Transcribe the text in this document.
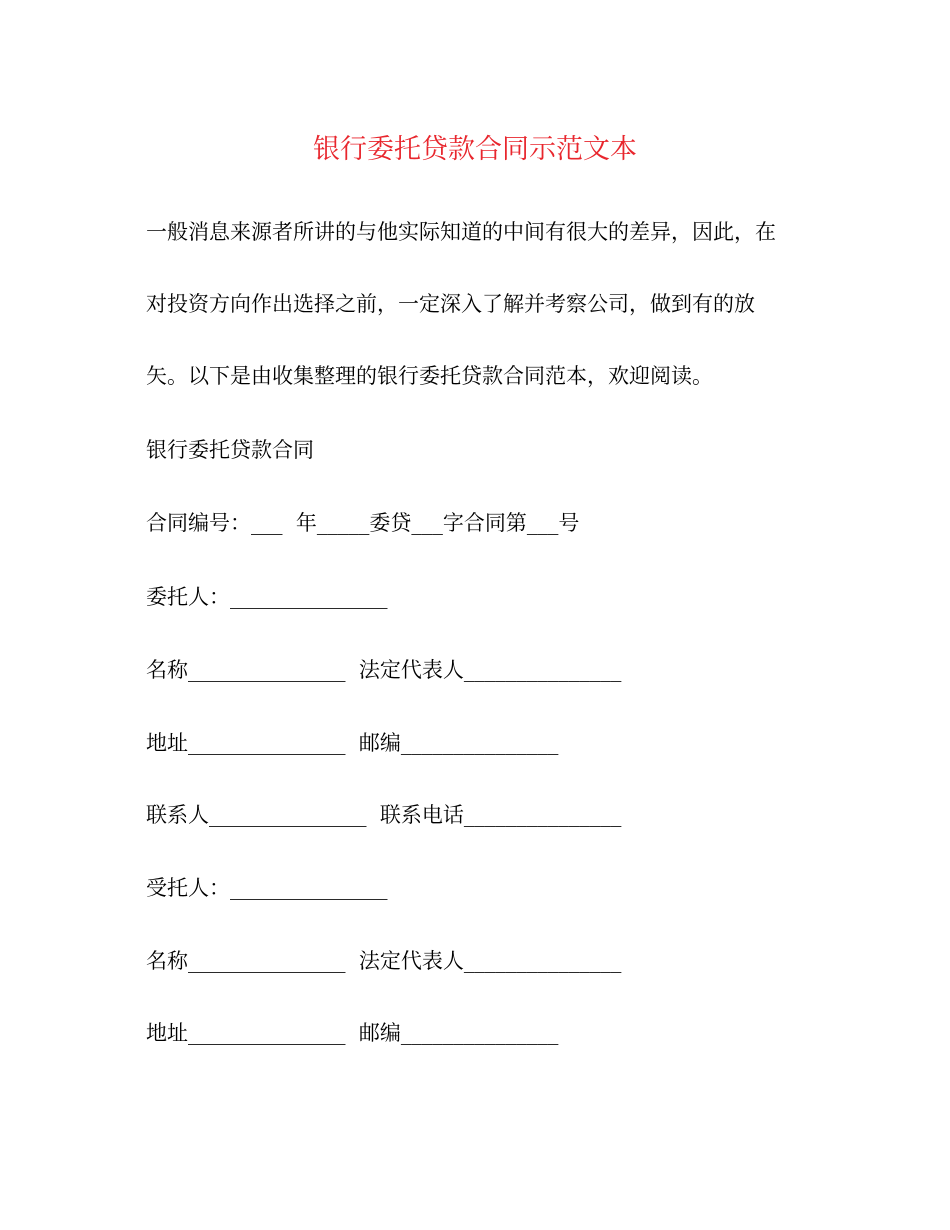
银行委托贷款合同示范文本
一般消息来源者所讲的与他实际知道的中间有很大的差异，因此，在
对投资方向作出选择之前，一定深入了解并考察公司，做到有的放
矢。以下是由收集整理的银行委托贷款合同范本，欢迎阅读。
银行委托贷款合同
合同编号：___  年_____委贷___字合同第___号
委托人：_______________
名称_______________  法定代表人_______________
地址_______________  邮编_______________
联系人_______________  联系电话_______________
受托人：_______________
名称_______________  法定代表人_______________
地址_______________  邮编_______________
